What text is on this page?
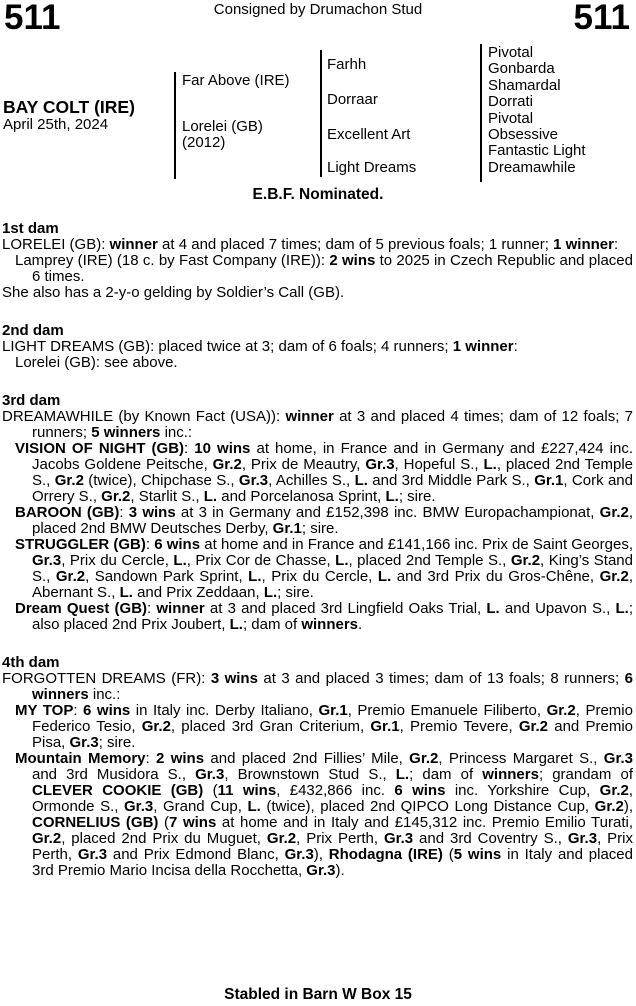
511	Consigned by Drumachon Stud	511
BAY COLT (IRE)
April 25th, 2024
Far Above (IRE)
Lorelei (GB)
(2012)
Farhh
Dorraar
Excellent Art
Light Dreams
Pivotal
Gonbarda
Shamardal
Dorrati
Pivotal
Obsessive
Fantastic Light
Dreamawhile
E.B.F. Nominated.
1st dam

LORELEI (GB): winner at 4 and placed 7 times; dam of 5 previous foals; 1 runner; 1 winner:

Lamprey (IRE) (18 c. by Fast Company (IRE)): 2 wins to 2025 in Czech Republic and placed 6 times.

She also has a 2-y-o gelding by Soldier’s Call (GB).

2nd dam

LIGHT DREAMS (GB): placed twice at 3; dam of 6 foals; 4 runners; 1 winner:

Lorelei (GB): see above.

3rd dam

DREAMAWHILE (by Known Fact (USA)): winner at 3 and placed 4 times; dam of 12 foals; 7 runners; 5 winners inc.:

VISION OF NIGHT (GB): 10 wins at home, in France and in Germany and £227,424 inc. Jacobs Goldene Peitsche, Gr.2, Prix de Meautry, Gr.3, Hopeful S., L., placed 2nd Temple S., Gr.2 (twice), Chipchase S., Gr.3, Achilles S., L. and 3rd Middle Park S., Gr.1, Cork and Orrery S., Gr.2, Starlit S., L. and Porcelanosa Sprint, L.; sire.

BAROON (GB): 3 wins at 3 in Germany and £152,398 inc. BMW Europachampionat, Gr.2, placed 2nd BMW Deutsches Derby, Gr.1; sire.

STRUGGLER (GB): 6 wins at home and in France and £141,166 inc. Prix de Saint Georges, Gr.3, Prix du Cercle, L., Prix Cor de Chasse, L., placed 2nd Temple S., Gr.2, King’s Stand S., Gr.2, Sandown Park Sprint, L., Prix du Cercle, L. and 3rd Prix du Gros-Chêne, Gr.2, Abernant S., L. and Prix Zeddaan, L.; sire.

Dream Quest (GB): winner at 3 and placed 3rd Lingfield Oaks Trial, L. and Upavon S., L.; also placed 2nd Prix Joubert, L.; dam of winners.

4th dam

FORGOTTEN DREAMS (FR): 3 wins at 3 and placed 3 times; dam of 13 foals; 8 runners; 6 winners inc.:

MY TOP: 6 wins in Italy inc. Derby Italiano, Gr.1, Premio Emanuele Filiberto, Gr.2, Premio Federico Tesio, Gr.2, placed 3rd Gran Criterium, Gr.1, Premio Tevere, Gr.2 and Premio Pisa, Gr.3; sire.

Mountain Memory: 2 wins and placed 2nd Fillies’ Mile, Gr.2, Princess Margaret S., Gr.3 and 3rd Musidora S., Gr.3, Brownstown Stud S., L.; dam of winners; grandam of CLEVER COOKIE (GB) (11 wins, £432,866 inc. 6 wins inc. Yorkshire Cup, Gr.2, Ormonde S., Gr.3, Grand Cup, L. (twice), placed 2nd QIPCO Long Distance Cup, Gr.2), CORNELIUS (GB) (7 wins at home and in Italy and £145,312 inc. Premio Emilio Turati, Gr.2, placed 2nd Prix du Muguet, Gr.2, Prix Perth, Gr.3 and 3rd Coventry S., Gr.3, Prix Perth, Gr.3 and Prix Edmond Blanc, Gr.3), Rhodagna (IRE) (5 wins in Italy and placed 3rd Premio Mario Incisa della Rocchetta, Gr.3).

Stabled in Barn W Box 15
